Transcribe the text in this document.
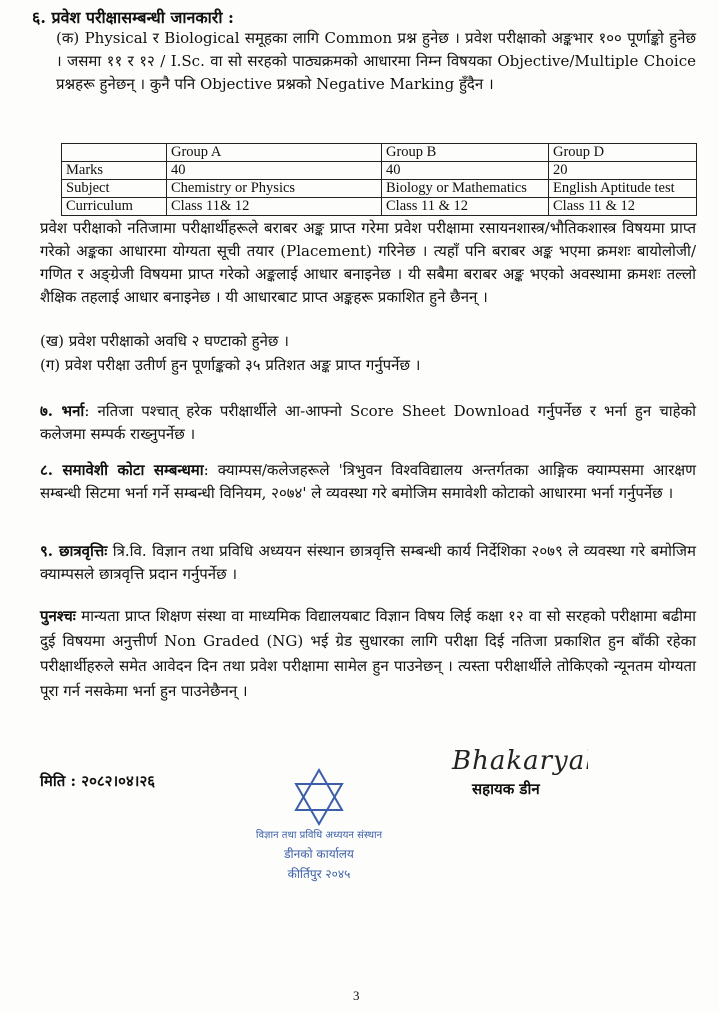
६. प्रवेश परीक्षासम्बन्धी जानकारी :

(क) Physical र Biological समूहका लागि Common प्रश्न हुनेछ । प्रवेश परीक्षाको अङ्कभार १०० पूर्णाङ्को हुनेछ । जसमा ११ र १२ / I.Sc. वा सो सरहको पाठ्यक्रमको आधारमा निम्न विषयका Objective/Multiple Choice प्रश्नहरू हुनेछन् । कुनै पनि Objective प्रश्नको Negative Marking हुँदैन ।

	Group A	Group B	Group D
Marks	40	40	20
Subject	Chemistry or Physics	Biology or Mathematics	English Aptitude test
Curriculum	Class 11& 12	Class 11 & 12	Class 11 & 12

प्रवेश परीक्षाको नतिजामा परीक्षार्थीहरूले बराबर अङ्क प्राप्त गरेमा प्रवेश परीक्षामा रसायनशास्त्र/भौतिकशास्त्र विषयमा प्राप्त गरेको अङ्कका आधारमा योग्यता सूची तयार (Placement) गरिनेछ । त्यहाँ पनि बराबर अङ्क भएमा क्रमशः बायोलोजी/गणित र अङ्ग्रेजी विषयमा प्राप्त गरेको अङ्कलाई आधार बनाइनेछ । यी सबैमा बराबर अङ्क भएको अवस्थामा क्रमशः तल्लो शैक्षिक तहलाई आधार बनाइनेछ । यी आधारबाट प्राप्त अङ्कहरू प्रकाशित हुने छैनन् ।

(ख) प्रवेश परीक्षाको अवधि २ घण्टाको हुनेछ ।

(ग) प्रवेश परीक्षा उतीर्ण हुन पूर्णाङ्कको ३५ प्रतिशत अङ्क प्राप्त गर्नुपर्नेछ ।

७. भर्ना: नतिजा पश्चात् हरेक परीक्षार्थीले आ-आफ्नो Score Sheet Download गर्नुपर्नेछ र भर्ना हुन चाहेको कलेजमा सम्पर्क राख्नुपर्नेछ ।

८. समावेशी कोटा सम्बन्धमा: क्याम्पस/कलेजहरूले 'त्रिभुवन विश्वविद्यालय अन्तर्गतका आङ्गिक क्याम्पसमा आरक्षण सम्बन्धी सिटमा भर्ना गर्ने सम्बन्धी विनियम, २०७४' ले व्यवस्था गरे बमोजिम समावेशी कोटाको आधारमा भर्ना गर्नुपर्नेछ ।

९. छात्रवृत्तिः त्रि.वि. विज्ञान तथा प्रविधि अध्ययन संस्थान छात्रवृत्ति सम्बन्धी कार्य निर्देशिका २०७९ ले व्यवस्था गरे बमोजिम क्याम्पसले छात्रवृत्ति प्रदान गर्नुपर्नेछ ।

पुनश्चः मान्यता प्राप्त शिक्षण संस्था वा माध्यमिक विद्यालयबाट विज्ञान विषय लिई कक्षा १२ वा सो सरहको परीक्षामा बढीमा दुई विषयमा अनुत्तीर्ण Non Graded (NG) भई ग्रेड सुधारका लागि परीक्षा दिई नतिजा प्रकाशित हुन बाँकी रहेका परीक्षार्थीहरुले समेत आवेदन दिन तथा प्रवेश परीक्षामा सामेल हुन पाउनेछन् । त्यस्ता परीक्षार्थीले तोकिएको न्यूनतम योग्यता पूरा गर्न नसकेमा भर्ना हुन पाउनेछैनन् ।

मिति : २०८२।०४।२६
Bhakaryal
सहायक डीन
विज्ञान तथा प्रविधि अध्ययन संस्थान
डीनको कार्यालय
कीर्तिपुर २०४५
3
